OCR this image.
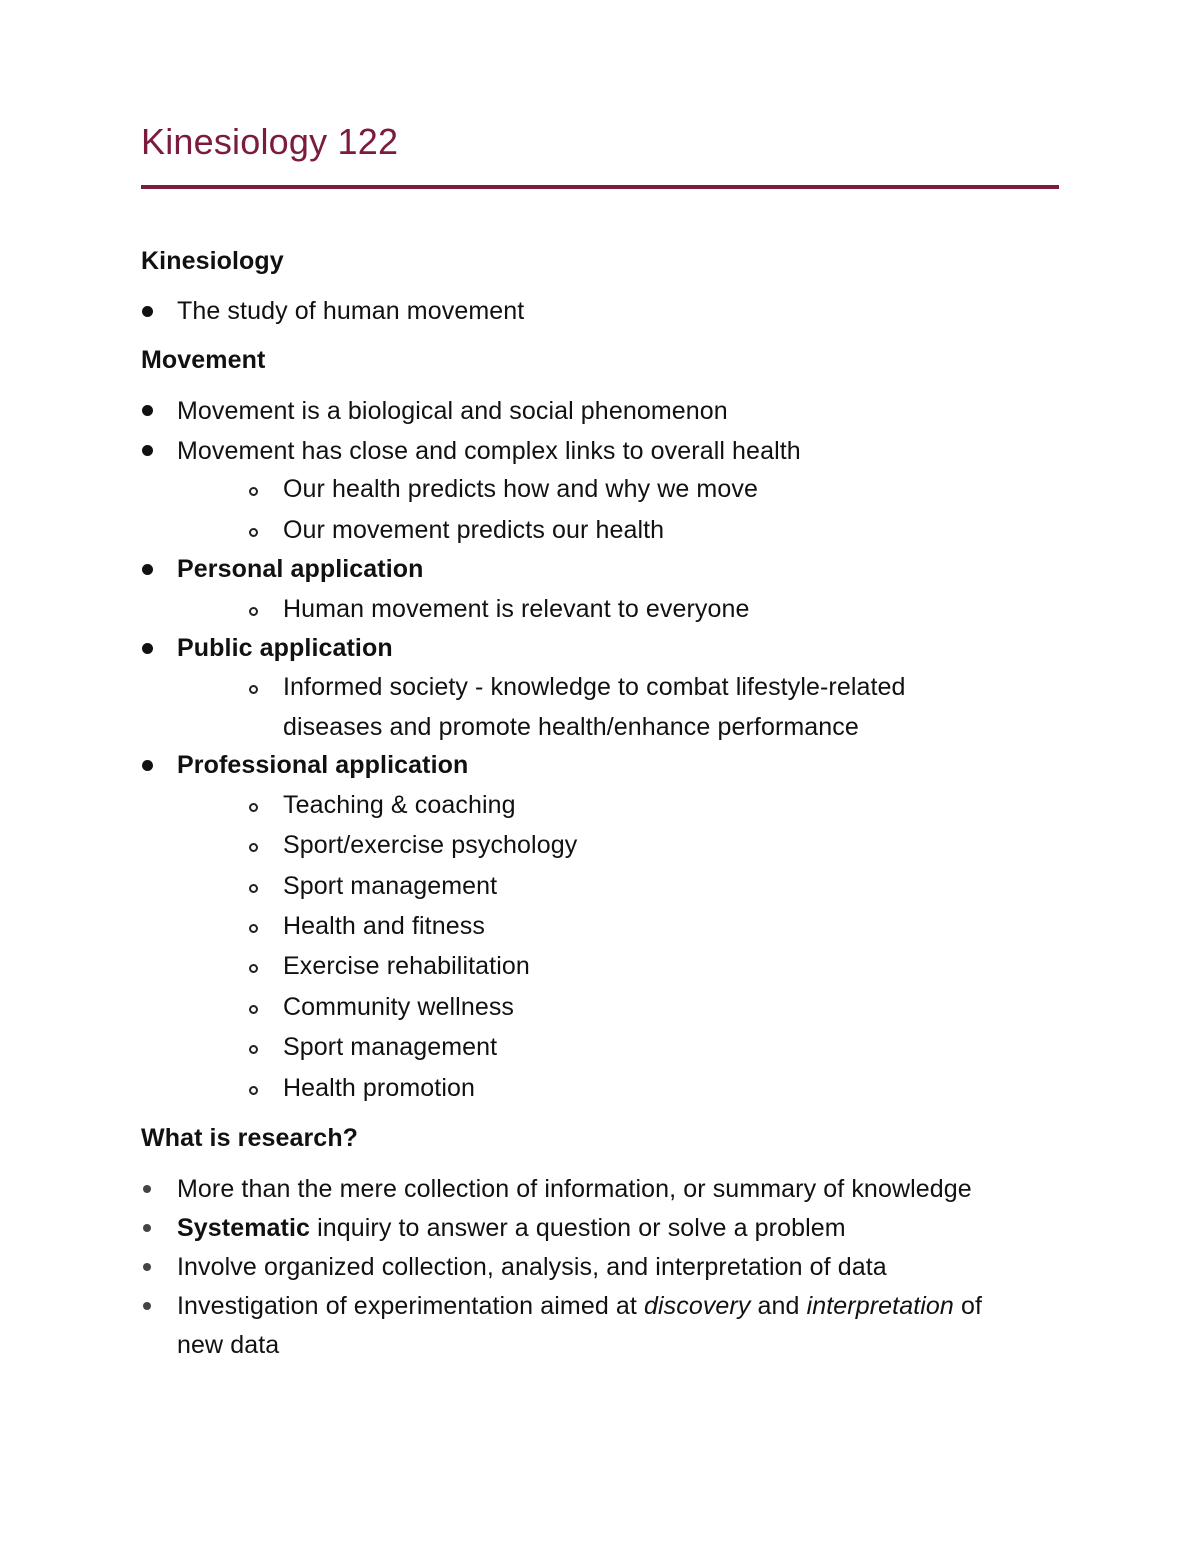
Kinesiology 122
Kinesiology
The study of human movement
Movement
Movement is a biological and social phenomenon
Movement has close and complex links to overall health
Our health predicts how and why we move
Our movement predicts our health
Personal application
Human movement is relevant to everyone
Public application
Informed society - knowledge to combat lifestyle-related
diseases and promote health/enhance performance
Professional application
Teaching & coaching
Sport/exercise psychology
Sport management
Health and fitness
Exercise rehabilitation
Community wellness
Sport management
Health promotion
What is research?
More than the mere collection of information, or summary of knowledge
Systematic inquiry to answer a question or solve a problem
Involve organized collection, analysis, and interpretation of data
Investigation of experimentation aimed at discovery and interpretation of
new data
